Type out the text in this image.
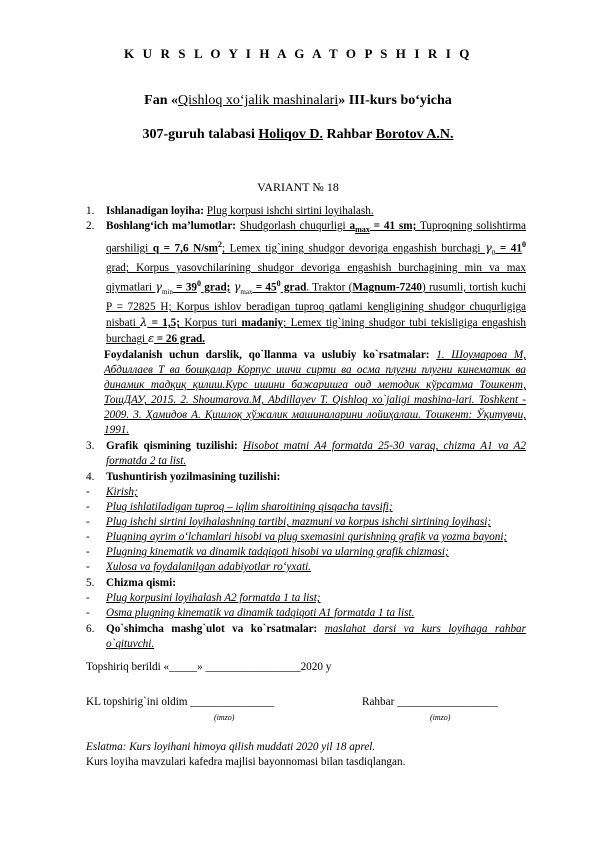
K U R S L O Y I H A G A T O P S H I R I Q
Fan «Qishloq xo‘jalik mashinalari» III-kurs bo‘yicha
307-guruh talabasi Holiqov D. Rahbar Borotov A.N.
VARIANT № 18
1. Ishlanadigan loyiha: Plug korpusi ishchi sirtini loyihalash.
2. Boshlang‘ich ma’lumotlar: Shudgorlash chuqurligi $a_{max} = 41$ sm; Tuproqning solishtirma qarshiligi q = 7,6 $N/sm^2$; Lemex tig`ining shudgor devoriga engashish burchagi $\gamma_0 = 41^0$ grad; Korpus yasovchilarining shudgor devoriga engashish burchagining min va max qiymatlari $\gamma_{min} = 39^0$ grad; $\gamma_{max} = 45^0$ grad. Traktor (Magnum-7240) rusumli, tortish kuchi P = 72825 H; Korpus ishlov beradigan tuproq qatlami kengligining shudgor chuqurligiga nisbati λ = 1,5; Korpus turi madaniy; Lemex tig`ining shudgor tubi tekisligiga engashish burchagi ε = 26 grad.
Foydalanish uchun darslik, qo`llanma va uslubiy ko`rsatmalar: 1. Шоумарова М, Абдиллаев Т ва бошқалар Корпус ишчи сирти ва осма плугни плугни кинематик ва динамик тадқиқ қилиш.Курс ишини бажаришга оид методик кўрсатма Тошкент, ТошДАУ, 2015. 2. Shoumarova.M, Abdillayev T. Qishloq xo`jaligi mashina-lari. Toshkent - 2009. 3. Ҳамидов А. Қишлоқ хўжалик машиналарини лойиҳалаш. Тошкент: Ўқитувчи, 1991.
3. Grafik qismining tuzilishi: Hisobot matni A4 formatda 25-30 varaq, chizma A1 va A2 formatda 2 ta list.
4. Tushuntirish yozilmasining tuzilishi:
- Kirish;
- Plug ishlatiladigan tuproq – iqlim sharoitining qisqacha tavsifi;
- Plug ishchi sirtini loyihalashning tartibi, mazmuni va korpus ishchi sirtining loyihasi;
- Plugning ayrim o‘lchamlari hisobi va plug sxemasini qurishning grafik va yozma bayoni;
- Plugning kinematik va dinamik tadqiqoti hisobi va ularning grafik chizmasi;
- Xulosa va foydalanilgan adabiyotlar ro‘yxati.
5. Chizma qismi:
- Plug korpusini loyihalash A2 formatda 1 ta list;
- Osma plugning kinematik va dinamik tadqiqoti A1 formatda 1 ta list.
6. Qo`shimcha mashg`ulot va ko`rsatmalar: maslahat darsi va kurs loyihaga rahbar o`qituvchi.
Topshiriq berildi «_____» _________________2020 y
KL topshirig`ini oldim _______________	Rahbar __________________
(imzo)	(imzo)
Eslatma: Kurs loyihani himoya qilish muddati 2020 yil 18 aprel.
Kurs loyiha mavzulari kafedra majlisi bayonnomasi bilan tasdiqlangan.
